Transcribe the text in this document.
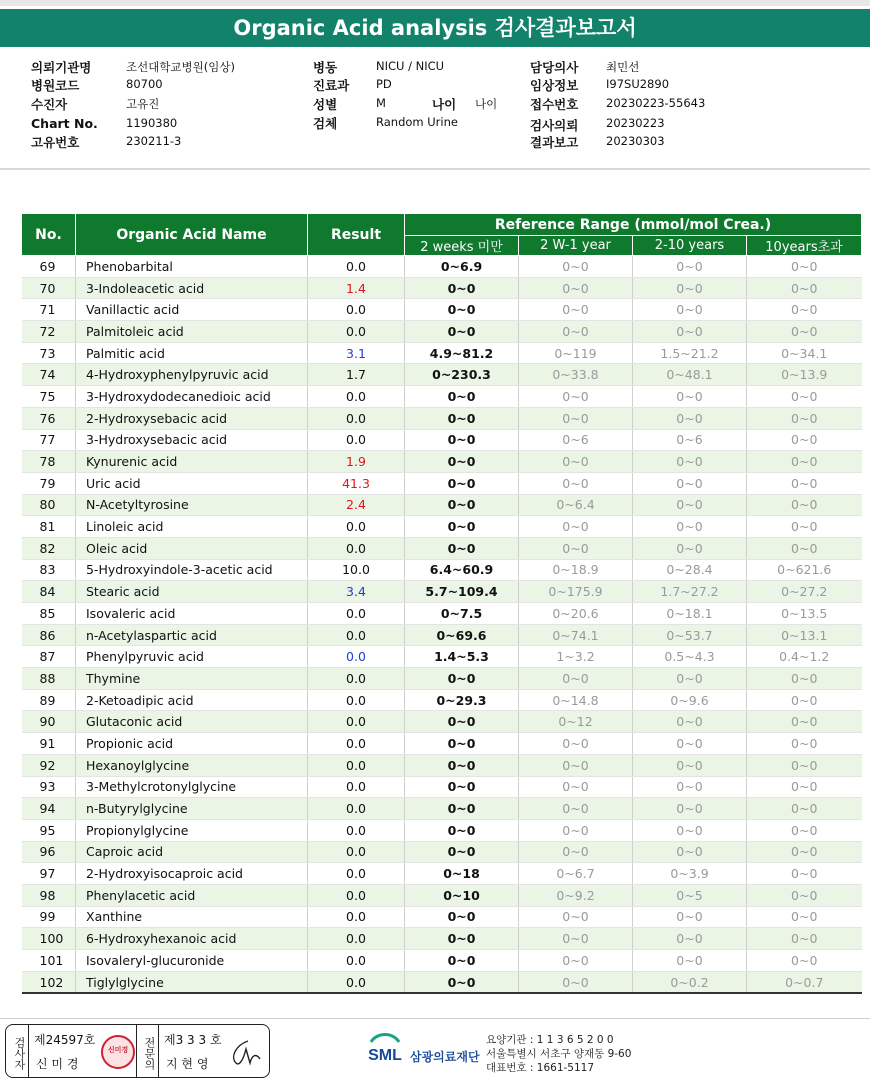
Organic Acid analysis 검사결과보고서
의뢰기관명	조선대학교병원(임상)
병원코드	80700
수진자	고유진
Chart No. 1190380
고유번호	230211-3
병동	NICU / NICU
진료과 PD
성별	M	나이 나이
검체	Random Urine
담당의사 최민선
임상정보 I97SU2890
접수번호 20230223-55643
검사의뢰 20230223
결과보고 20230303
No.	Organic Acid Name	Result	Reference Range (mmol/mol Crea.)			
			2 weeks 미만	2 W-1 year	2-10 years	10years초과
69	Phenobarbital	0.0	0~6.9	0~0	0~0	0~0
70	3-Indoleacetic acid	1.4	0~0	0~0	0~0	0~0
71	Vanillactic acid	0.0	0~0	0~0	0~0	0~0
72	Palmitoleic acid	0.0	0~0	0~0	0~0	0~0
73	Palmitic acid	3.1	4.9~81.2	0~119	1.5~21.2	0~34.1
74	4-Hydroxyphenylpyruvic acid	1.7	0~230.3	0~33.8	0~48.1	0~13.9
75	3-Hydroxydodecanedioic acid	0.0	0~0	0~0	0~0	0~0
76	2-Hydroxysebacic acid	0.0	0~0	0~0	0~0	0~0
77	3-Hydroxysebacic acid	0.0	0~0	0~6	0~6	0~0
78	Kynurenic acid	1.9	0~0	0~0	0~0	0~0
79	Uric acid	41.3	0~0	0~0	0~0	0~0
80	N-Acetyltyrosine	2.4	0~0	0~6.4	0~0	0~0
81	Linoleic acid	0.0	0~0	0~0	0~0	0~0
82	Oleic acid	0.0	0~0	0~0	0~0	0~0
83	5-Hydroxyindole-3-acetic acid	10.0	6.4~60.9	0~18.9	0~28.4	0~621.6
84	Stearic acid	3.4	5.7~109.4	0~175.9	1.7~27.2	0~27.2
85	Isovaleric acid	0.0	0~7.5	0~20.6	0~18.1	0~13.5
86	n-Acetylaspartic acid	0.0	0~69.6	0~74.1	0~53.7	0~13.1
87	Phenylpyruvic acid	0.0	1.4~5.3	1~3.2	0.5~4.3	0.4~1.2
88	Thymine	0.0	0~0	0~0	0~0	0~0
89	2-Ketoadipic acid	0.0	0~29.3	0~14.8	0~9.6	0~0
90	Glutaconic acid	0.0	0~0	0~12	0~0	0~0
91	Propionic acid	0.0	0~0	0~0	0~0	0~0
92	Hexanoylglycine	0.0	0~0	0~0	0~0	0~0
93	3-Methylcrotonylglycine	0.0	0~0	0~0	0~0	0~0
94	n-Butyrylglycine	0.0	0~0	0~0	0~0	0~0
95	Propionylglycine	0.0	0~0	0~0	0~0	0~0
96	Caproic acid	0.0	0~0	0~0	0~0	0~0
97	2-Hydroxyisocaproic acid	0.0	0~18	0~6.7	0~3.9	0~0
98	Phenylacetic acid	0.0	0~10	0~9.2	0~5	0~0
99	Xanthine	0.0	0~0	0~0	0~0	0~0
100	6-Hydroxyhexanoic acid	0.0	0~0	0~0	0~0	0~0
101	Isovaleryl-glucuronide	0.0	0~0	0~0	0~0	0~0
102	Tiglylglycine	0.0	0~0	0~0	0~0.2	0~0.7
검사자 제24597호
신 미 경
신미경	전문의 제3 3 3 호
지 현 영	SML 삼광의료재단
요양기관 : 1 1 3 6 5 2 0 0
서울특별시 서초구 양재동 9-60
대표번호 : 1661-5117
